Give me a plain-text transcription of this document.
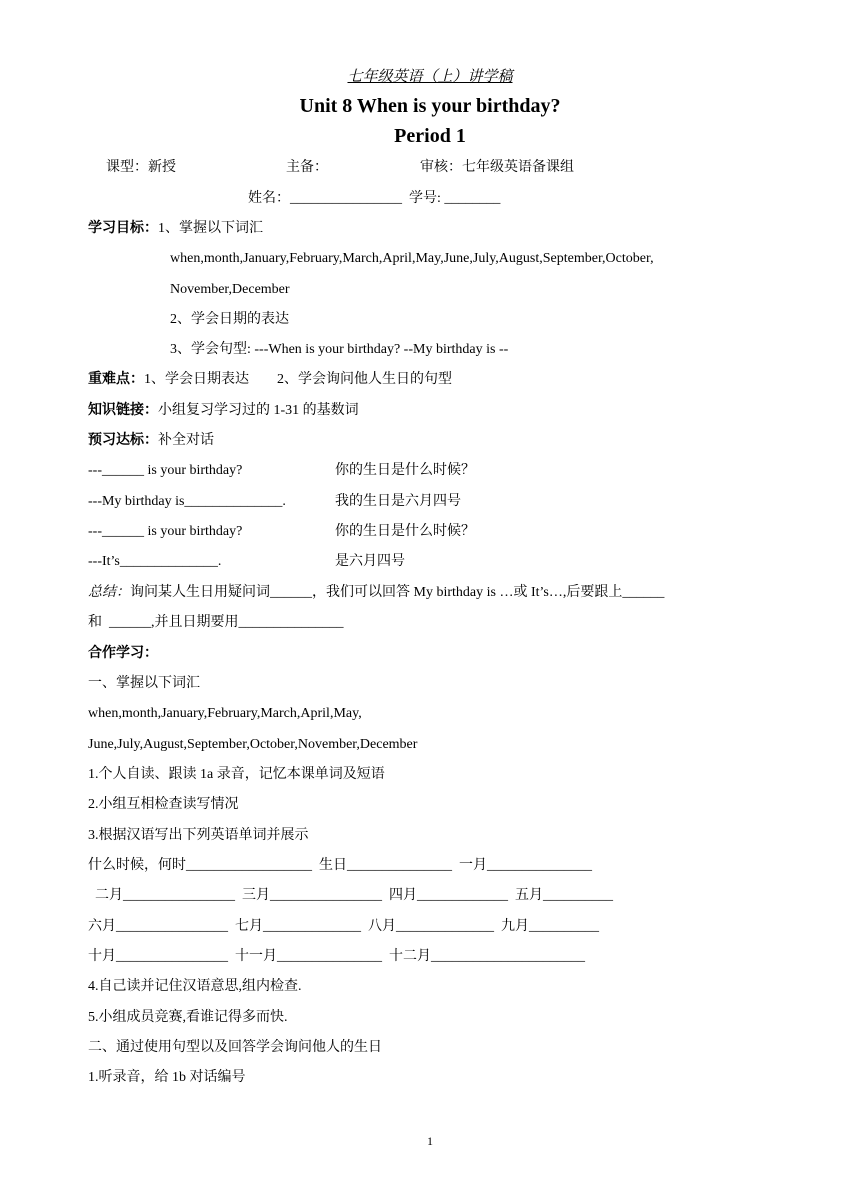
七年级英语（上）讲学稿
Unit 8 When is your birthday?
Period 1
课型：新授	主备：	审核：七年级英语备课组
姓名：________________ 学号: ________
学习目标：1、掌握以下词汇
when,month,January,February,March,April,May,June,July,August,September,October,
November,December
2、学会日期的表达
3、学会句型: ---When is your birthday? --My birthday is --
重难点：1、学会日期表达        2、学会询问他人生日的句型
知识链接：小组复习学习过的 1-31 的基数词
预习达标：补全对话
---______ is your birthday?	你的生日是什么时候？
---My birthday is______________.	我的生日是六月四号
---______ is your birthday?	你的生日是什么时候？
---It’s______________.	是六月四号
总结：询问某人生日用疑问词______，我们可以回答 My birthday is …或 It’s…,后要跟上______
和  ______,并且日期要用_______________
合作学习：
一、掌握以下词汇
when,month,January,February,March,April,May,
June,July,August,September,October,November,December
1.个人自读、跟读 1a 录音，记忆本课单词及短语
2.小组互相检查读写情况
3.根据汉语写出下列英语单词并展示
什么时候，何时__________________  生日_______________  一月_______________
二月________________  三月________________  四月_____________  五月__________
六月________________  七月______________  八月______________  九月__________
十月________________  十一月_______________  十二月______________________
4.自己读并记住汉语意思,组内检查.
5.小组成员竞赛,看谁记得多而快.
二、通过使用句型以及回答学会询问他人的生日
1.听录音，给 1b 对话编号
1
